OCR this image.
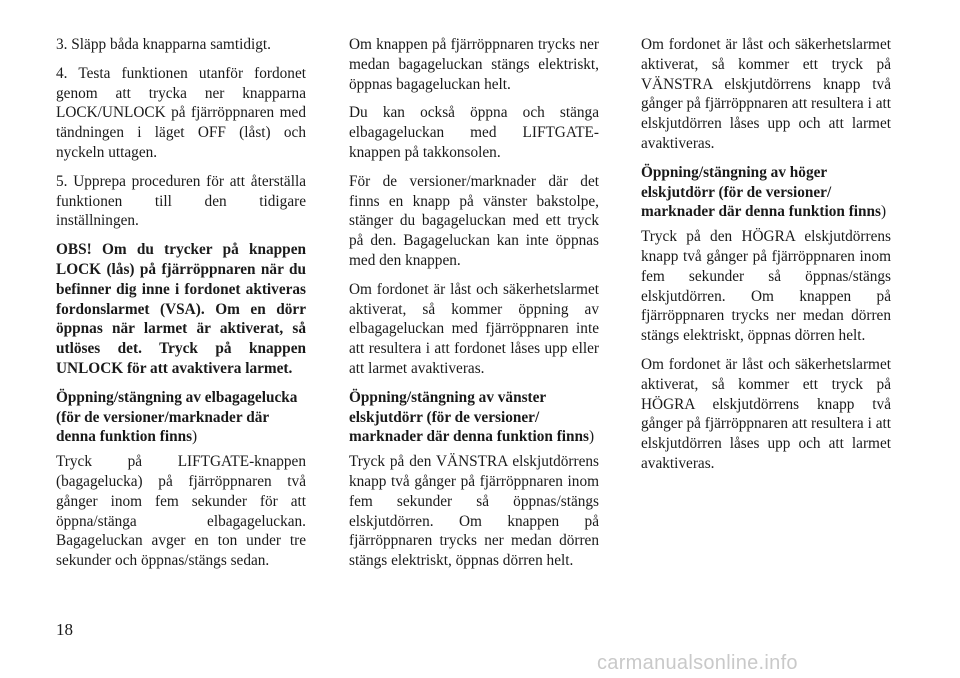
3. Släpp båda knapparna samtidigt.

4. Testa funktionen utanför fordonet genom att trycka ner knapparna LOCK/UNLOCK på fjärröppnaren med tändningen i läget OFF (låst) och nyckeln uttagen.

5. Upprepa proceduren för att återställa funktionen till den tidigare inställningen.

OBS! Om du trycker på knappen LOCK (lås) på fjärröppnaren när du befinner dig inne i fordonet aktiveras fordonslarmet (VSA). Om en dörr öppnas när larmet är aktiverat, så utlöses det. Tryck på knappen UNLOCK för att avaktivera larmet.

Öppning/stängning av elbagagelucka (för de versioner/marknader där denna funktion finns)

Tryck på LIFTGATE-knappen (bagagelucka) på fjärröppnaren två gånger inom fem sekunder för att öppna/stänga elbagageluckan. Bagageluckan avger en ton under tre sekunder och öppnas/stängs sedan.

Om knappen på fjärröppnaren trycks ner medan bagageluckan stängs elektriskt, öppnas bagageluckan helt.

Du kan också öppna och stänga elbagageluckan med LIFTGATE-knappen på takkonsolen.

För de versioner/marknader där det finns en knapp på vänster bakstolpe, stänger du bagageluckan med ett tryck på den. Bagageluckan kan inte öppnas med den knappen.

Om fordonet är låst och säkerhetslarmet aktiverat, så kommer öppning av elbagageluckan med fjärröppnaren inte att resultera i att fordonet låses upp eller att larmet avaktiveras.

Öppning/stängning av vänster elskjutdörr (för de versioner/ marknader där denna funktion finns)

Tryck på den VÄNSTRA elskjutdörrens knapp två gånger på fjärröppnaren inom fem sekunder så öppnas/stängs elskjutdörren. Om knappen på fjärröppnaren trycks ner medan dörren stängs elektriskt, öppnas dörren helt.

Om fordonet är låst och säkerhetslarmet aktiverat, så kommer ett tryck på VÄNSTRA elskjutdörrens knapp två gånger på fjärröppnaren att resultera i att elskjutdörren låses upp och att larmet avaktiveras.

Öppning/stängning av höger elskjutdörr (för de versioner/ marknader där denna funktion finns)

Tryck på den HÖGRA elskjutdörrens knapp två gånger på fjärröppnaren inom fem sekunder så öppnas/stängs elskjutdörren. Om knappen på fjärröppnaren trycks ner medan dörren stängs elektriskt, öppnas dörren helt.

Om fordonet är låst och säkerhetslarmet aktiverat, så kommer ett tryck på HÖGRA elskjutdörrens knapp två gånger på fjärröppnaren att resultera i att elskjutdörren låses upp och att larmet avaktiveras.

18
carmanualsonline.info
